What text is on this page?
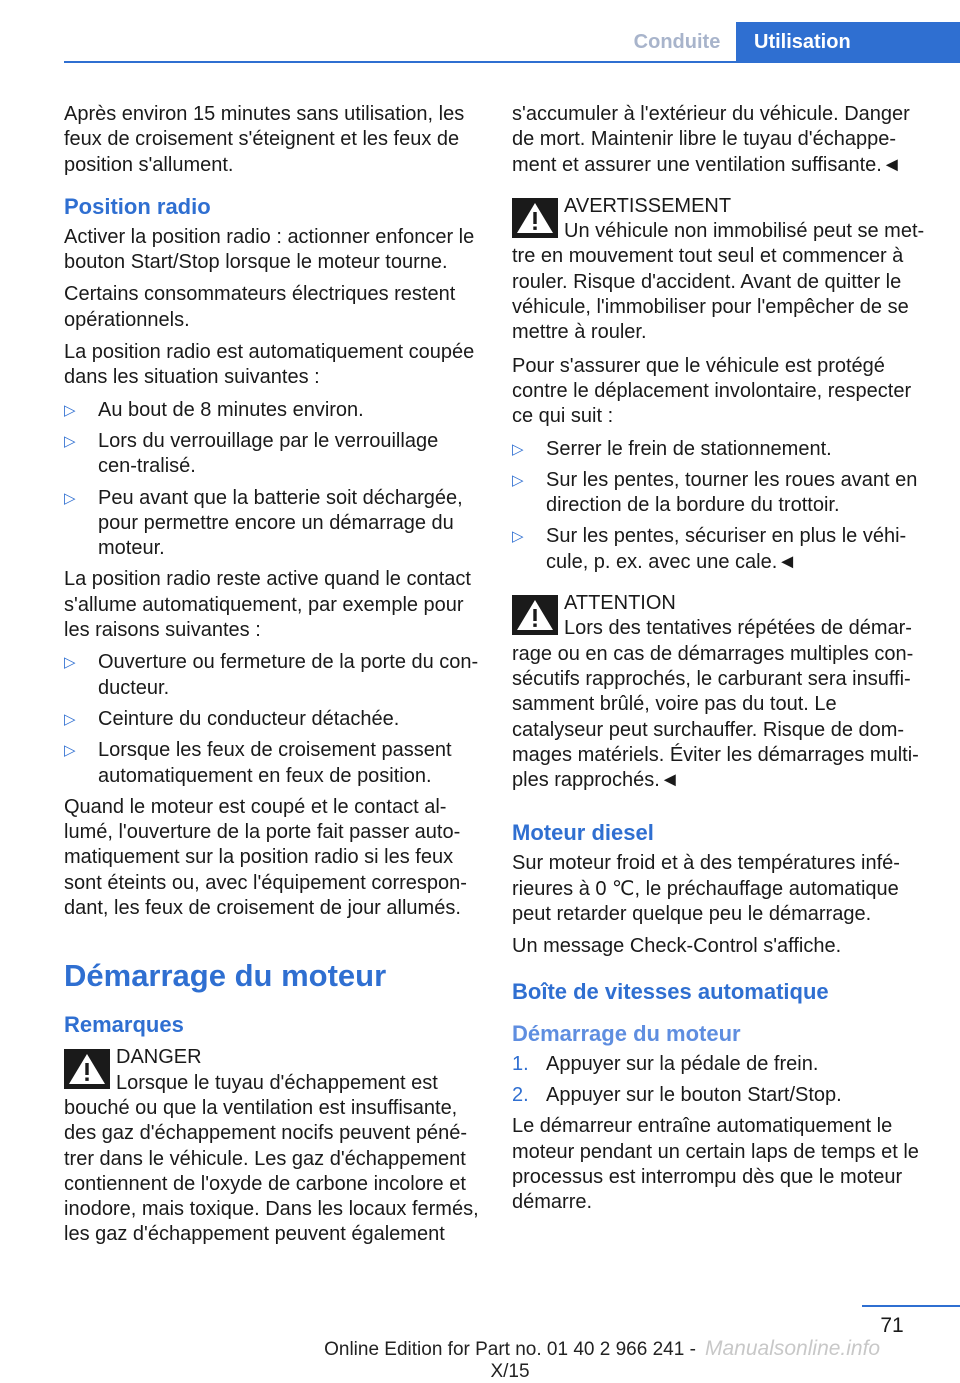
Conduite	Utilisation

Après environ 15 minutes sans utilisation, les feux de croisement s'éteignent et les feux de position s'allument.

Position radio

Activer la position radio : actionner enfoncer le bouton Start/Stop lorsque le moteur tourne.

Certains consommateurs électriques restent opérationnels.

La position radio est automatiquement coupée dans les situation suivantes :

▷ Au bout de 8 minutes environ.
▷ Lors du verrouillage par le verrouillage cen‐tralisé.
▷ Peu avant que la batterie soit déchargée, pour permettre encore un démarrage du moteur.

La position radio reste active quand le contact s'allume automatiquement, par exemple pour les raisons suivantes :

▷ Ouverture ou fermeture de la porte du con‐ducteur.
▷ Ceinture du conducteur détachée.
▷ Lorsque les feux de croisement passent automatiquement en feux de position.

Quand le moteur est coupé et le contact al‐lumé, l'ouverture de la porte fait passer auto‐matiquement sur la position radio si les feux sont éteints ou, avec l'équipement correspon‐dant, les feux de croisement de jour allumés.

Démarrage du moteur
Remarques
DANGER
Lorsque le tuyau d'échappement est bouché ou que la ventilation est insuffisante, des gaz d'échappement nocifs peuvent péné‐trer dans le véhicule. Les gaz d'échappement contiennent de l'oxyde de carbone incolore et inodore, mais toxique. Dans les locaux fermés, les gaz d'échappement peuvent également

s'accumuler à l'extérieur du véhicule. Danger de mort. Maintenir libre le tuyau d'échappe‐ment et assurer une ventilation suffisante.◄

AVERTISSEMENT
Un véhicule non immobilisé peut se met‐tre en mouvement tout seul et commencer à rouler. Risque d'accident. Avant de quitter le véhicule, l'immobiliser pour l'empêcher de se mettre à rouler.

Pour s'assurer que le véhicule est protégé contre le déplacement involontaire, respecter ce qui suit :

▷ Serrer le frein de stationnement.
▷ Sur les pentes, tourner les roues avant en direction de la bordure du trottoir.
▷ Sur les pentes, sécuriser en plus le véhi‐cule, p. ex. avec une cale.◄
ATTENTION
Lors des tentatives répétées de démar‐rage ou en cas de démarrages multiples con‐sécutifs rapprochés, le carburant sera insuffi‐samment brûlé, voire pas du tout. Le catalyseur peut surchauffer. Risque de dom‐mages matériels. Éviter les démarrages multi‐ples rapprochés.◄
Moteur diesel

Sur moteur froid et à des températures infé‐rieures à 0 ℃, le préchauffage automatique peut retarder quelque peu le démarrage.

Un message Check-Control s'affiche.

Boîte de vitesses automatique
Démarrage du moteur
1. Appuyer sur la pédale de frein.
2. Appuyer sur le bouton Start/Stop.

Le démarreur entraîne automatiquement le moteur pendant un certain laps de temps et le processus est interrompu dès que le moteur démarre.

71
Online Edition for Part no. 01 40 2 966 241 - X/15
Manualsonline.info
